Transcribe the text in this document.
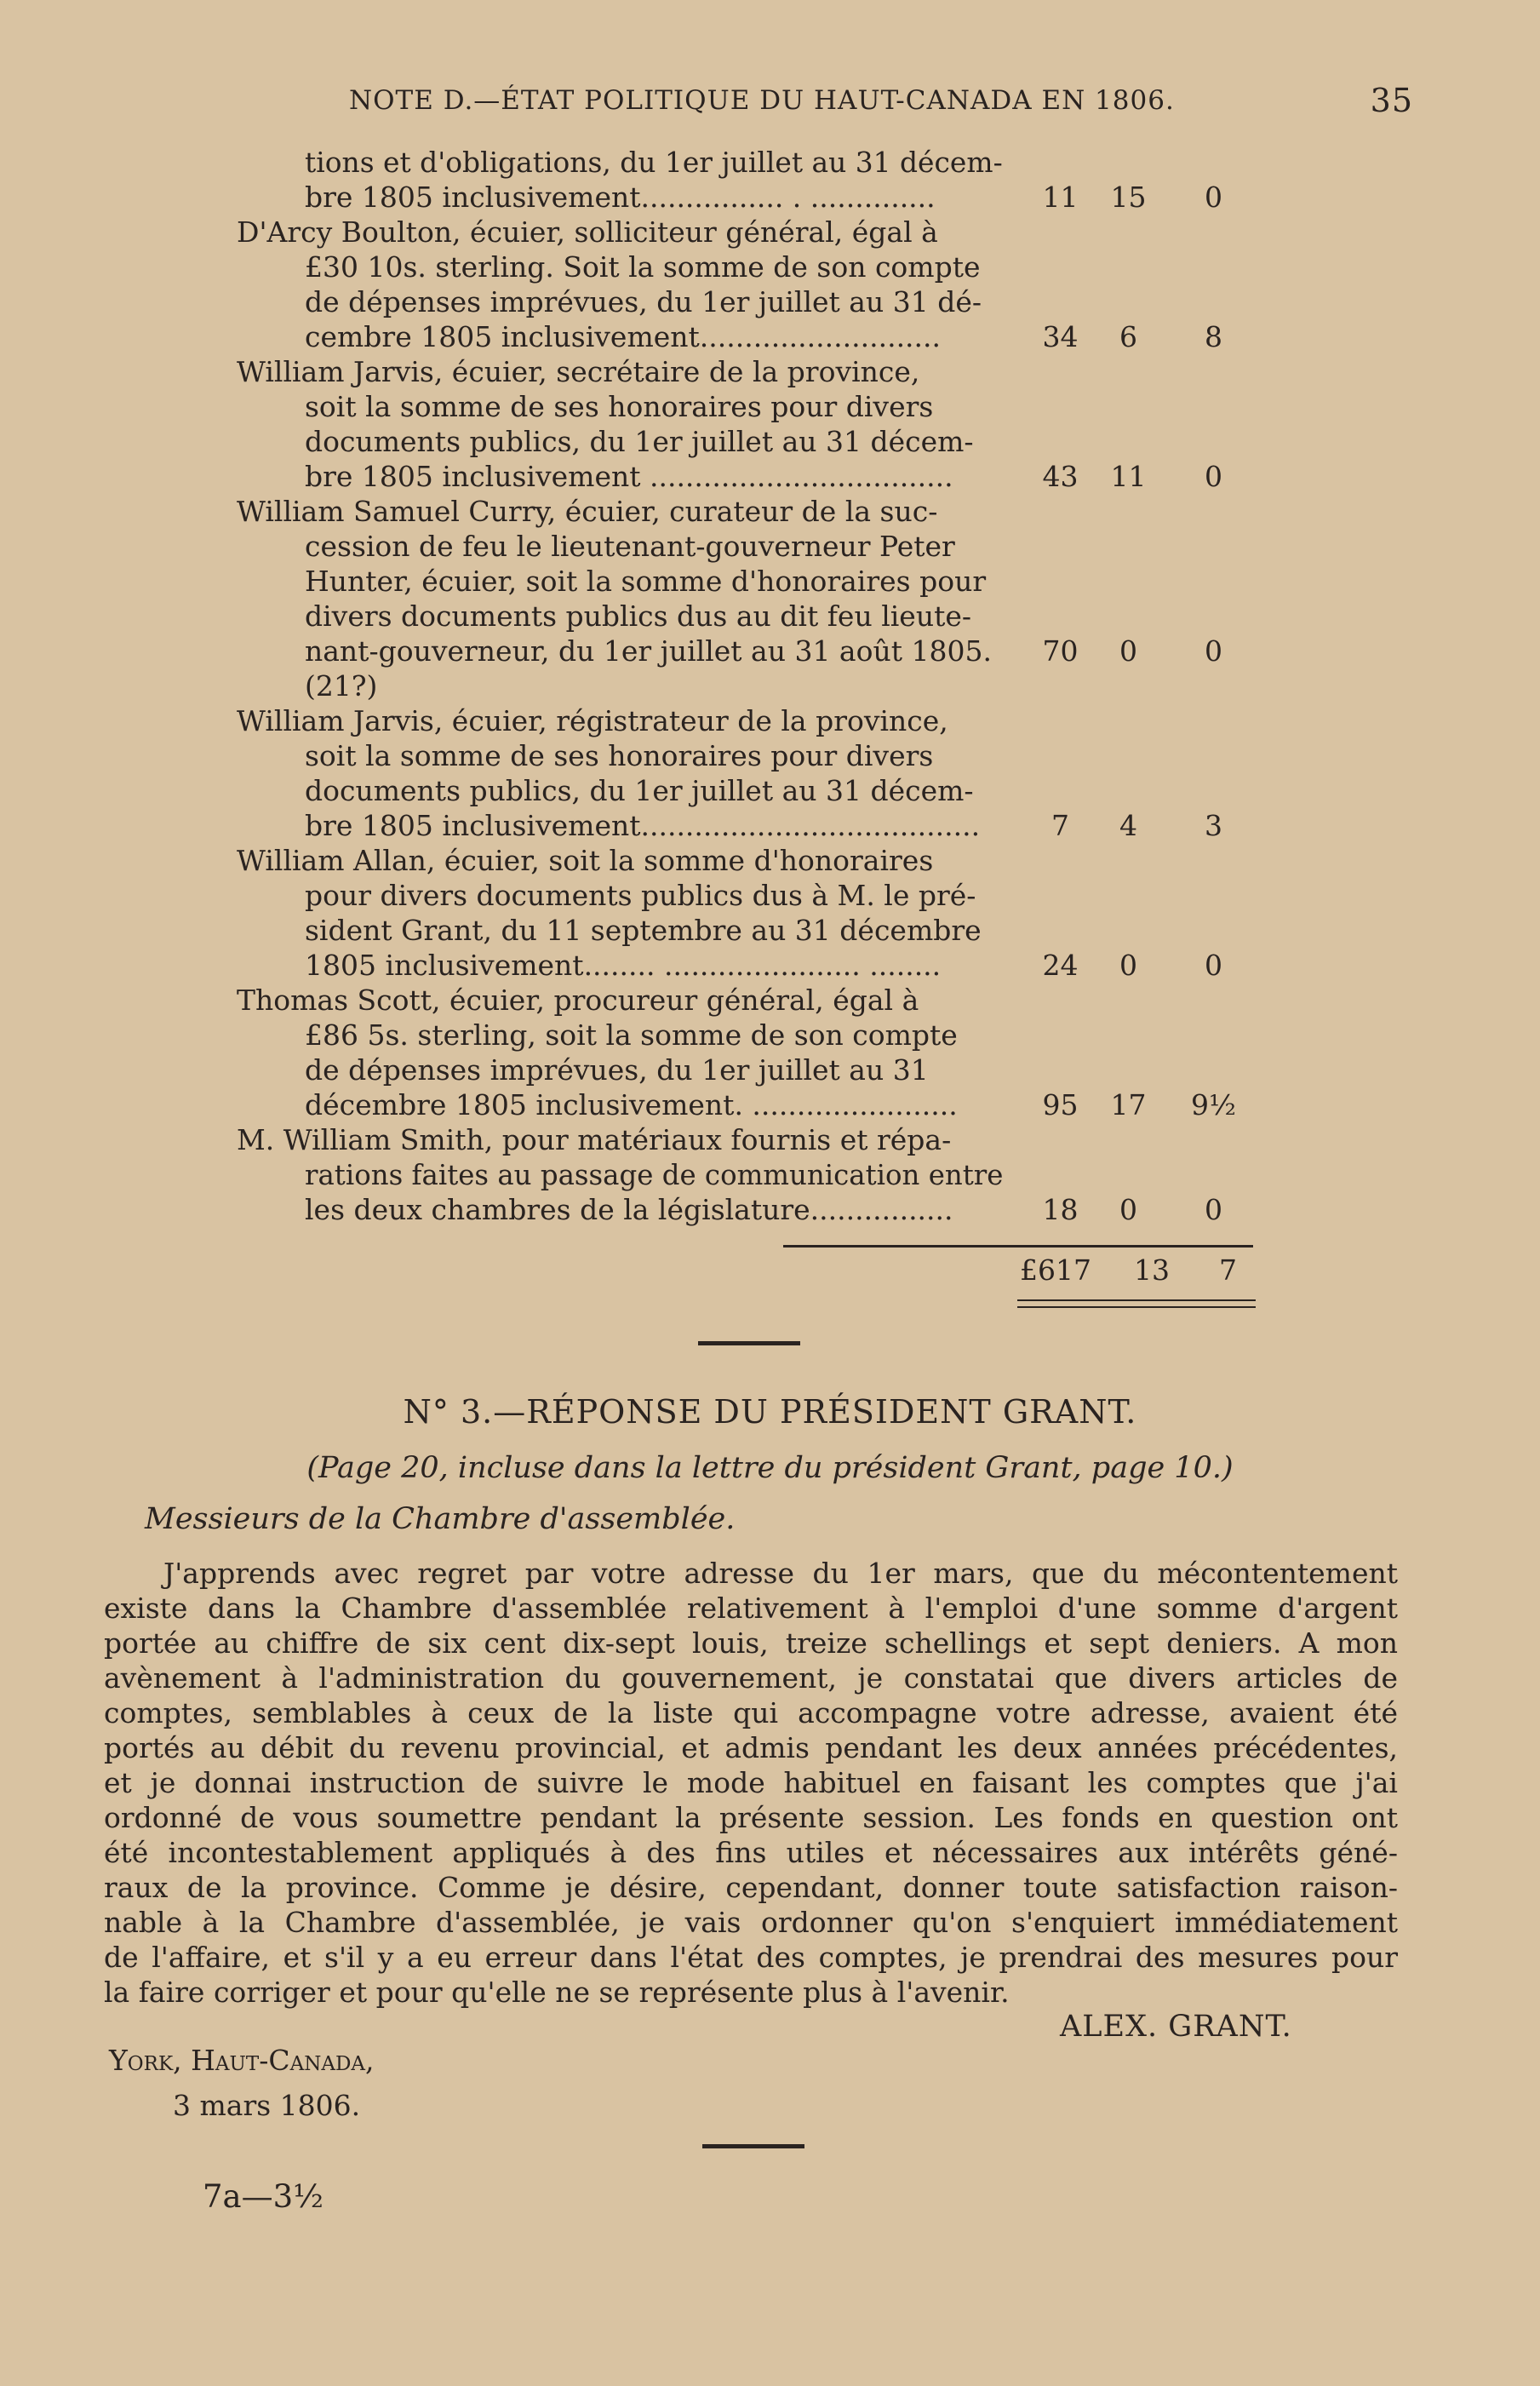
NOTE D.—ÉTAT POLITIQUE DU HAUT-CANADA EN 1806.	35
tions et d'obligations, du 1er juillet au 31 décem-
bre 1805 inclusivement................ . ..............	11	15	0
D'Arcy Boulton, écuier, solliciteur général, égal à
£30 10s. sterling. Soit la somme de son compte
de dépenses imprévues, du 1er juillet au 31 dé-
cembre 1805 inclusivement...........................	34	6	8
William Jarvis, écuier, secrétaire de la province,
soit la somme de ses honoraires pour divers
documents publics, du 1er juillet au 31 décem-
bre 1805 inclusivement ..................................	43	11	0
William Samuel Curry, écuier, curateur de la suc-
cession de feu le lieutenant-gouverneur Peter
Hunter, écuier, soit la somme d'honoraires pour
divers documents publics dus au dit feu lieute-
nant-gouverneur, du 1er juillet au 31 août 1805.	70	0	0
(21?)
William Jarvis, écuier, régistrateur de la province,
soit la somme de ses honoraires pour divers
documents publics, du 1er juillet au 31 décem-
bre 1805 inclusivement......................................	7	4	3
William Allan, écuier, soit la somme d'honoraires
pour divers documents publics dus à M. le pré-
sident Grant, du 11 septembre au 31 décembre
1805 inclusivement........ ...................... ........	24	0	0
Thomas Scott, écuier, procureur général, égal à
£86 5s. sterling, soit la somme de son compte
de dépenses imprévues, du 1er juillet au 31
décembre 1805 inclusivement. .......................	95	17	9½
M. William Smith, pour matériaux fournis et répa-
rations faites au passage de communication entre
les deux chambres de la législature................	18	0	0
£617 13 7
N° 3.—RÉPONSE DU PRÉSIDENT GRANT.
(Page 20, incluse dans la lettre du président Grant, page 10.)
Messieurs de la Chambre d'assemblée.
J'apprends avec regret par votre adresse du 1er mars, que du mécontentement
existe dans la Chambre d'assemblée relativement à l'emploi d'une somme d'argent
portée au chiffre de six cent dix-sept louis, treize schellings et sept deniers. A mon
avènement à l'administration du gouvernement, je constatai que divers articles de
comptes, semblables à ceux de la liste qui accompagne votre adresse, avaient été
portés au débit du revenu provincial, et admis pendant les deux années précédentes,
et je donnai instruction de suivre le mode habituel en faisant les comptes que j'ai
ordonné de vous soumettre pendant la présente session. Les fonds en question ont
été incontestablement appliqués à des fins utiles et nécessaires aux intérêts géné-
raux de la province. Comme je désire, cependant, donner toute satisfaction raison-
nable à la Chambre d'assemblée, je vais ordonner qu'on s'enquiert immédiatement
de l'affaire, et s'il y a eu erreur dans l'état des comptes, je prendrai des mesures pour
la faire corriger et pour qu'elle ne se représente plus à l'avenir.
ALEX. GRANT.
York, Haut-Canada,
3 mars 1806.
7a—3½
